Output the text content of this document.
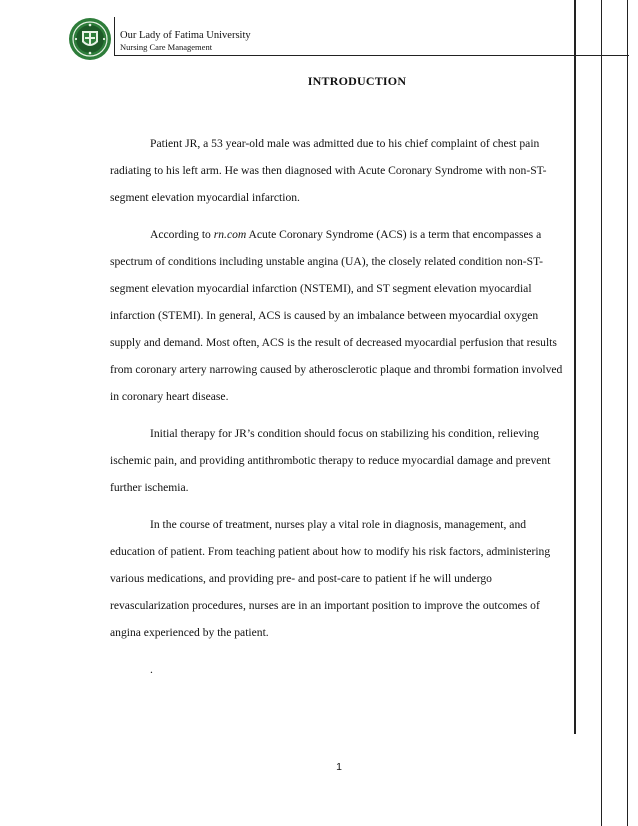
Our Lady of Fatima University
Nursing Care Management
INTRODUCTION
Patient JR, a 53 year-old male was admitted due to his chief complaint of chest pain
radiating to his left arm. He was then diagnosed with Acute Coronary Syndrome with non-ST-
segment elevation myocardial infarction.
According to rn.com Acute Coronary Syndrome (ACS) is a term that encompasses a
spectrum of conditions including unstable angina (UA), the closely related condition non-ST-
segment elevation myocardial infarction (NSTEMI), and ST segment elevation myocardial
infarction (STEMI). In general, ACS is caused by an imbalance between myocardial oxygen
supply and demand. Most often, ACS is the result of decreased myocardial perfusion that results
from coronary artery narrowing caused by atherosclerotic plaque and thrombi formation involved
in coronary heart disease.
Initial therapy for JR’s condition should focus on stabilizing his condition, relieving
ischemic pain, and providing antithrombotic therapy to reduce myocardial damage and prevent
further ischemia.
In the course of treatment, nurses play a vital role in diagnosis, management, and
education of patient. From teaching patient about how to modify his risk factors, administering
various medications, and providing pre- and post-care to patient if he will undergo
revascularization procedures, nurses are in an important position to improve the outcomes of
angina experienced by the patient.
.
1
